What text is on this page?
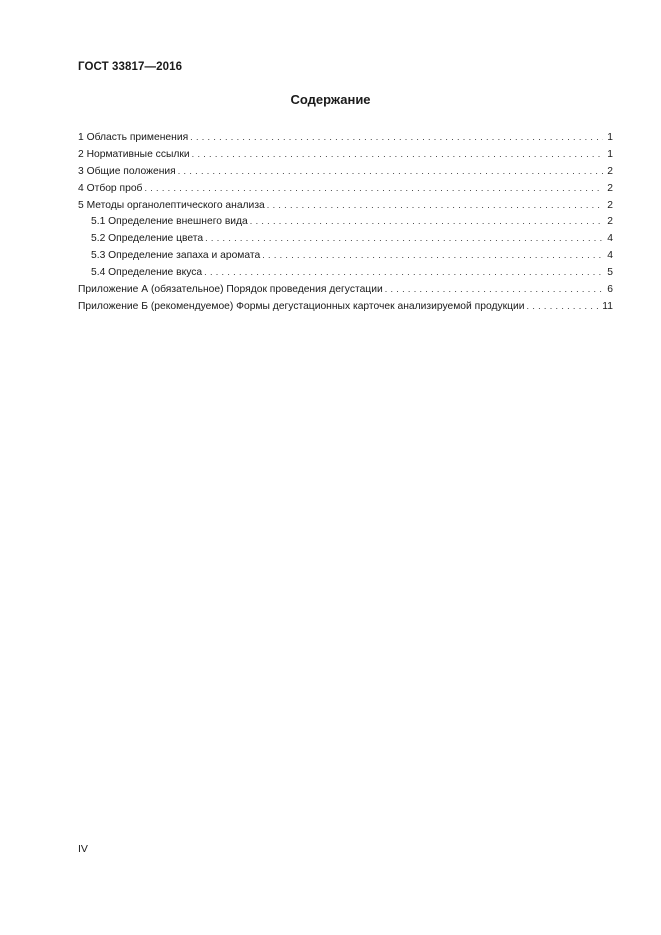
ГОСТ 33817—2016
Содержание
1 Область применения . . .	1
2 Нормативные ссылки . . .	1
3 Общие положения . . .	2
4 Отбор проб . . .	2
5 Методы органолептического анализа . . .	2
5.1 Определение внешнего вида . . .	2
5.2 Определение цвета . . .	4
5.3 Определение запаха и аромата . . .	4
5.4 Определение вкуса . . .	5
Приложение А (обязательное) Порядок проведения дегустации . . .	6
Приложение Б (рекомендуемое) Формы дегустационных карточек анализируемой продукции . . .	11
IV
